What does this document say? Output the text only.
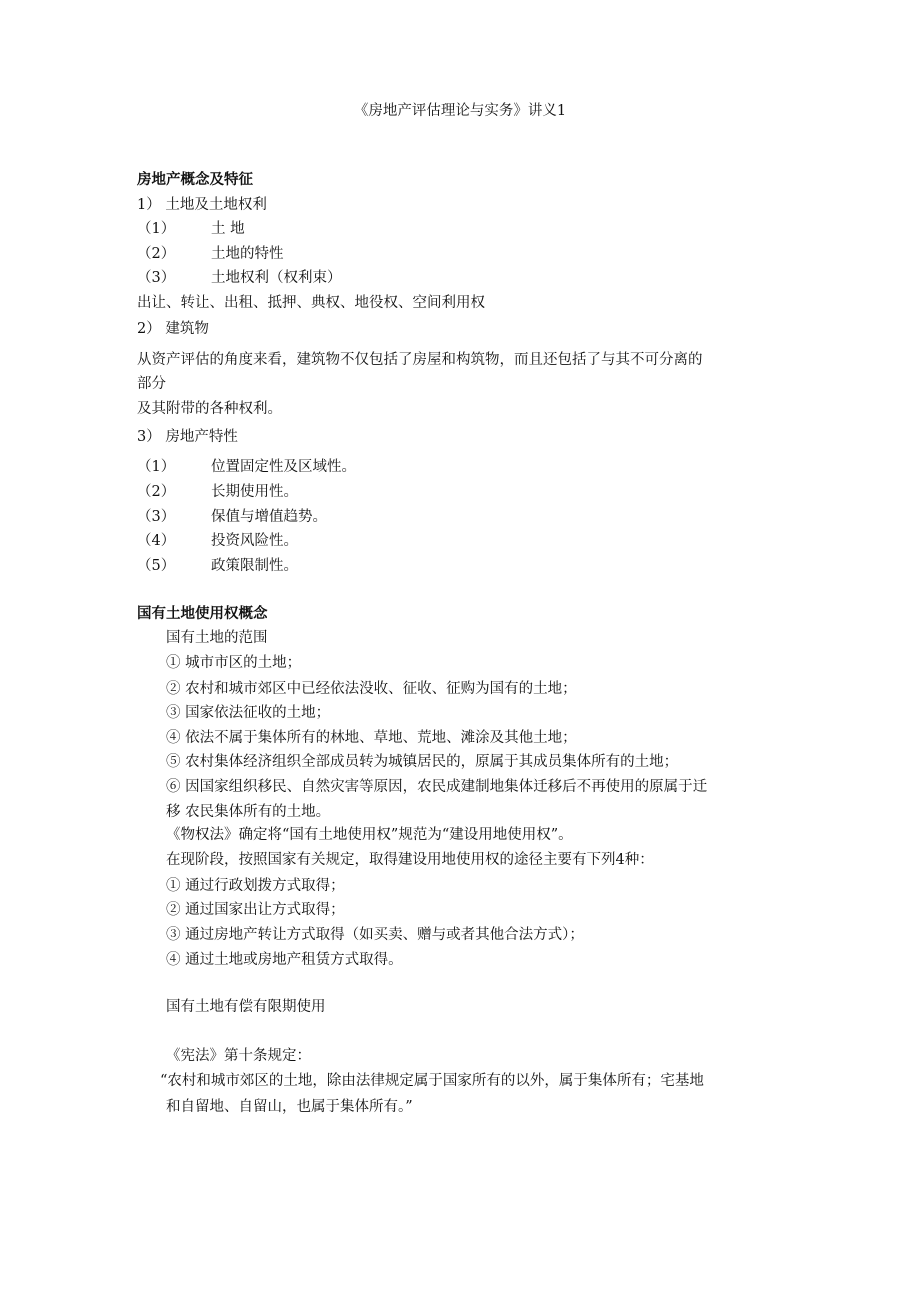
《房地产评估理论与实务》讲义1
房地产概念及特征
1） 土地及土地权利
（1） 土 地
（2） 土地的特性
（3） 土地权利（权利束）
出让、转让、出租、抵押、典权、地役权、空间利用权
2） 建筑物
从资产评估的角度来看，建筑物不仅包括了房屋和构筑物，而且还包括了与其不可分离的
部分
及其附带的各种权利。
3） 房地产特性
（1） 位置固定性及区域性。
（2） 长期使用性。
（3） 保值与增值趋势。
（4） 投资风险性。
（5） 政策限制性。
国有土地使用权概念
国有土地的范围
① 城市市区的土地；
② 农村和城市郊区中已经依法没收、征收、征购为国有的土地；
③ 国家依法征收的土地；
④ 依法不属于集体所有的林地、草地、荒地、滩涂及其他土地；
⑤ 农村集体经济组织全部成员转为城镇居民的，原属于其成员集体所有的土地；
⑥ 因国家组织移民、自然灾害等原因，农民成建制地集体迁移后不再使用的原属于迁
移 农民集体所有的土地。
《物权法》确定将“国有土地使用权”规范为“建设用地使用权”。
在现阶段，按照国家有关规定，取得建设用地使用权的途径主要有下列4种：
① 通过行政划拨方式取得；
② 通过国家出让方式取得；
③ 通过房地产转让方式取得（如买卖、赠与或者其他合法方式）；
④ 通过土地或房地产租赁方式取得。
国有土地有偿有限期使用
《宪法》第十条规定：
“农村和城市郊区的土地，除由法律规定属于国家所有的以外，属于集体所有；宅基地
和自留地、自留山，也属于集体所有。”
